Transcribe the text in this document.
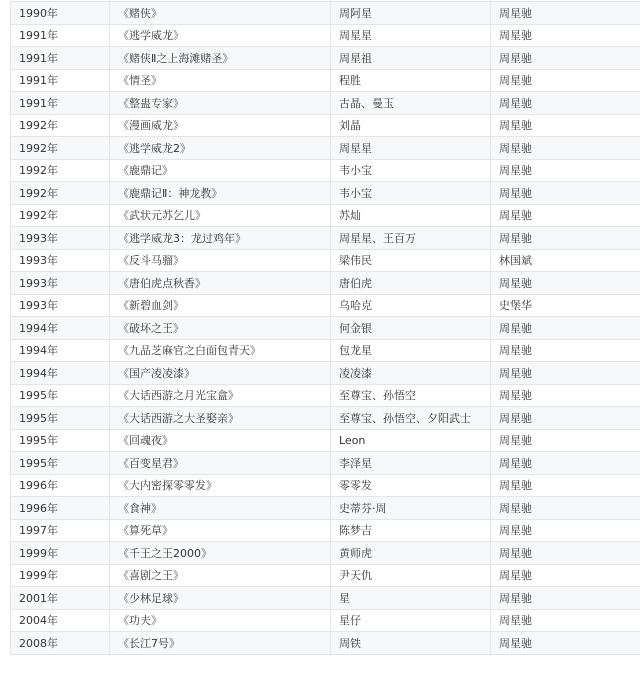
1990年	《赌侠》	周阿星	周星驰
1991年	《逃学威龙》	周星星	周星驰
1991年	《赌侠Ⅱ之上海滩赌圣》	周星祖	周星驰
1991年	《情圣》	程胜	周星驰
1991年	《整蛊专家》	古晶、曼玉	周星驰
1992年	《漫画威龙》	刘晶	周星驰
1992年	《逃学威龙2》	周星星	周星驰
1992年	《鹿鼎记》	韦小宝	周星驰
1992年	《鹿鼎记Ⅱ：神龙教》	韦小宝	周星驰
1992年	《武状元苏乞儿》	苏灿	周星驰
1993年	《逃学威龙3：龙过鸡年》	周星星、王百万	周星驰
1993年	《反斗马骝》	梁伟民	林国斌
1993年	《唐伯虎点秋香》	唐伯虎	周星驰
1993年	《新碧血剑》	乌哈克	史堡华
1994年	《破坏之王》	何金银	周星驰
1994年	《九品芝麻官之白面包青天》	包龙星	周星驰
1994年	《国产凌凌漆》	凌凌漆	周星驰
1995年	《大话西游之月光宝盒》	至尊宝、孙悟空	周星驰
1995年	《大话西游之大圣娶亲》	至尊宝、孙悟空、夕阳武士	周星驰
1995年	《回魂夜》	Leon	周星驰
1995年	《百变星君》	李泽星	周星驰
1996年	《大内密探零零发》	零零发	周星驰
1996年	《食神》	史蒂芬·周	周星驰
1997年	《算死草》	陈梦吉	周星驰
1999年	《千王之王2000》	黄师虎	周星驰
1999年	《喜剧之王》	尹天仇	周星驰
2001年	《少林足球》	星	周星驰
2004年	《功夫》	星仔	周星驰
2008年	《长江7号》	周铁	周星驰
